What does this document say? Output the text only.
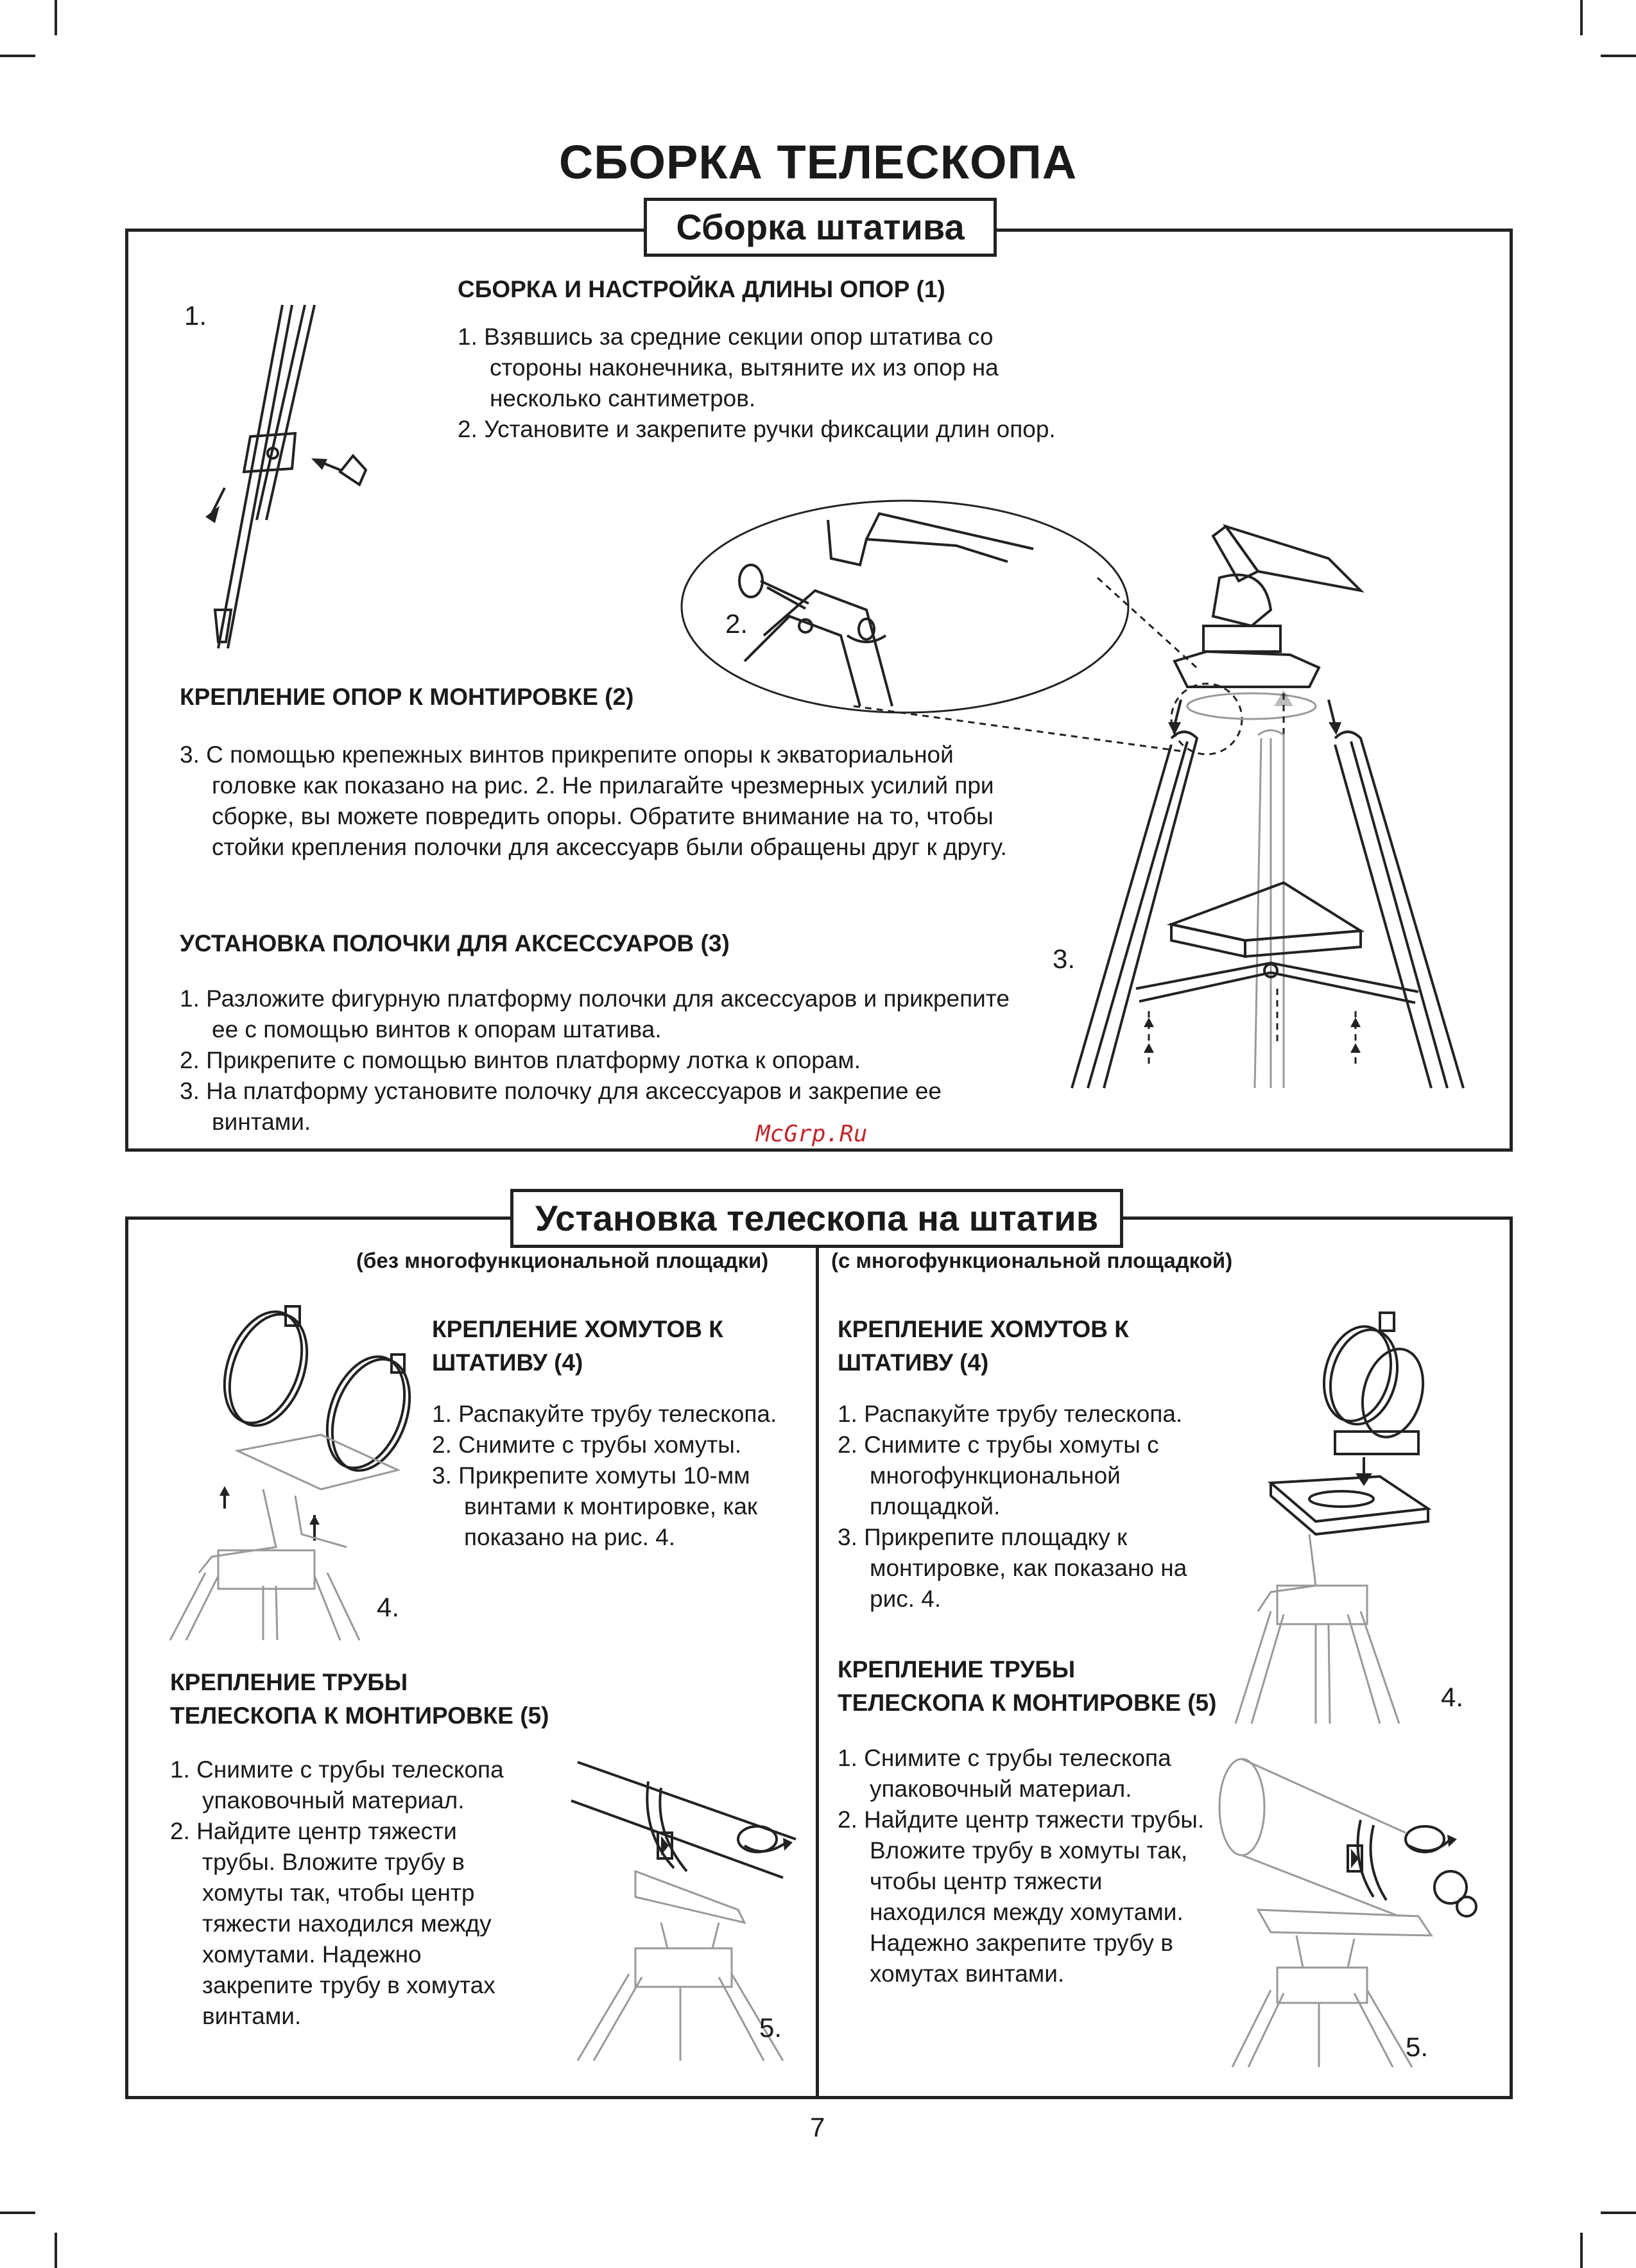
СБОРКА ТЕЛЕСКОПА
Сборка штатива
1.
СБОРКА И НАСТРОЙКА ДЛИНЫ ОПОР (1)
1. Взявшись за средние секции опор штатива со стороны наконечника, вытяните их из опор на несколько сантиметров.
2. Установите и закрепите ручки фиксации длин опор.
2.
3.
КРЕПЛЕНИЕ ОПОР К МОНТИРОВКЕ (2)
3. С помощью крепежных винтов прикрепите опоры к экваториальной головке как показано на рис. 2. Не прилагайте чрезмерных усилий при сборке, вы можете повредить опоры. Обратите внимание на то, чтобы стойки крепления полочки для аксессуарв были обращены друг к другу.
УСТАНОВКА ПОЛОЧКИ ДЛЯ АКСЕССУАРОВ (3)
1. Разложите фигурную платформу полочки для аксессуаров и прикрепите ее с помощью винтов к опорам штатива.
2. Прикрепите с помощью винтов платформу лотка к опорам.
3. На платформу установите полочку для аксессуаров и закрепие ее винтами.	McGrp.Ru
Установка телескопа на штатив
(без многофункциональной площадки)	(с многофункциональной площадкой)
4.
КРЕПЛЕНИЕ ХОМУТОВ К ШТАТИВУ (4)
1. Распакуйте трубу телескопа.
2. Снимите с трубы хомуты.
3. Прикрепите хомуты 10-мм винтами к монтировке, как показано на рис. 4.
КРЕПЛЕНИЕ ТРУБЫ ТЕЛЕСКОПА К МОНТИРОВКЕ (5)
1. Снимите с трубы телескопа упаковочный материал.
2. Найдите центр тяжести трубы. Вложите трубу в хомуты так, чтобы центр тяжести находился между хомутами. Надежно закрепите трубу в хомутах винтами.	5.
КРЕПЛЕНИЕ ХОМУТОВ К ШТАТИВУ (4)
1. Распакуйте трубу телескопа.
2. Снимите с трубы хомуты с многофункциональной площадкой.
3. Прикрепите площадку к монтировке, как показано на рис. 4.
4.
КРЕПЛЕНИЕ ТРУБЫ ТЕЛЕСКОПА К МОНТИРОВКЕ (5)
1. Снимите с трубы телескопа упаковочный материал.
2. Найдите центр тяжести трубы. Вложите трубу в хомуты так, чтобы центр тяжести находился между хомутами. Надежно закрепите трубу в хомутах винтами.
5.
7
